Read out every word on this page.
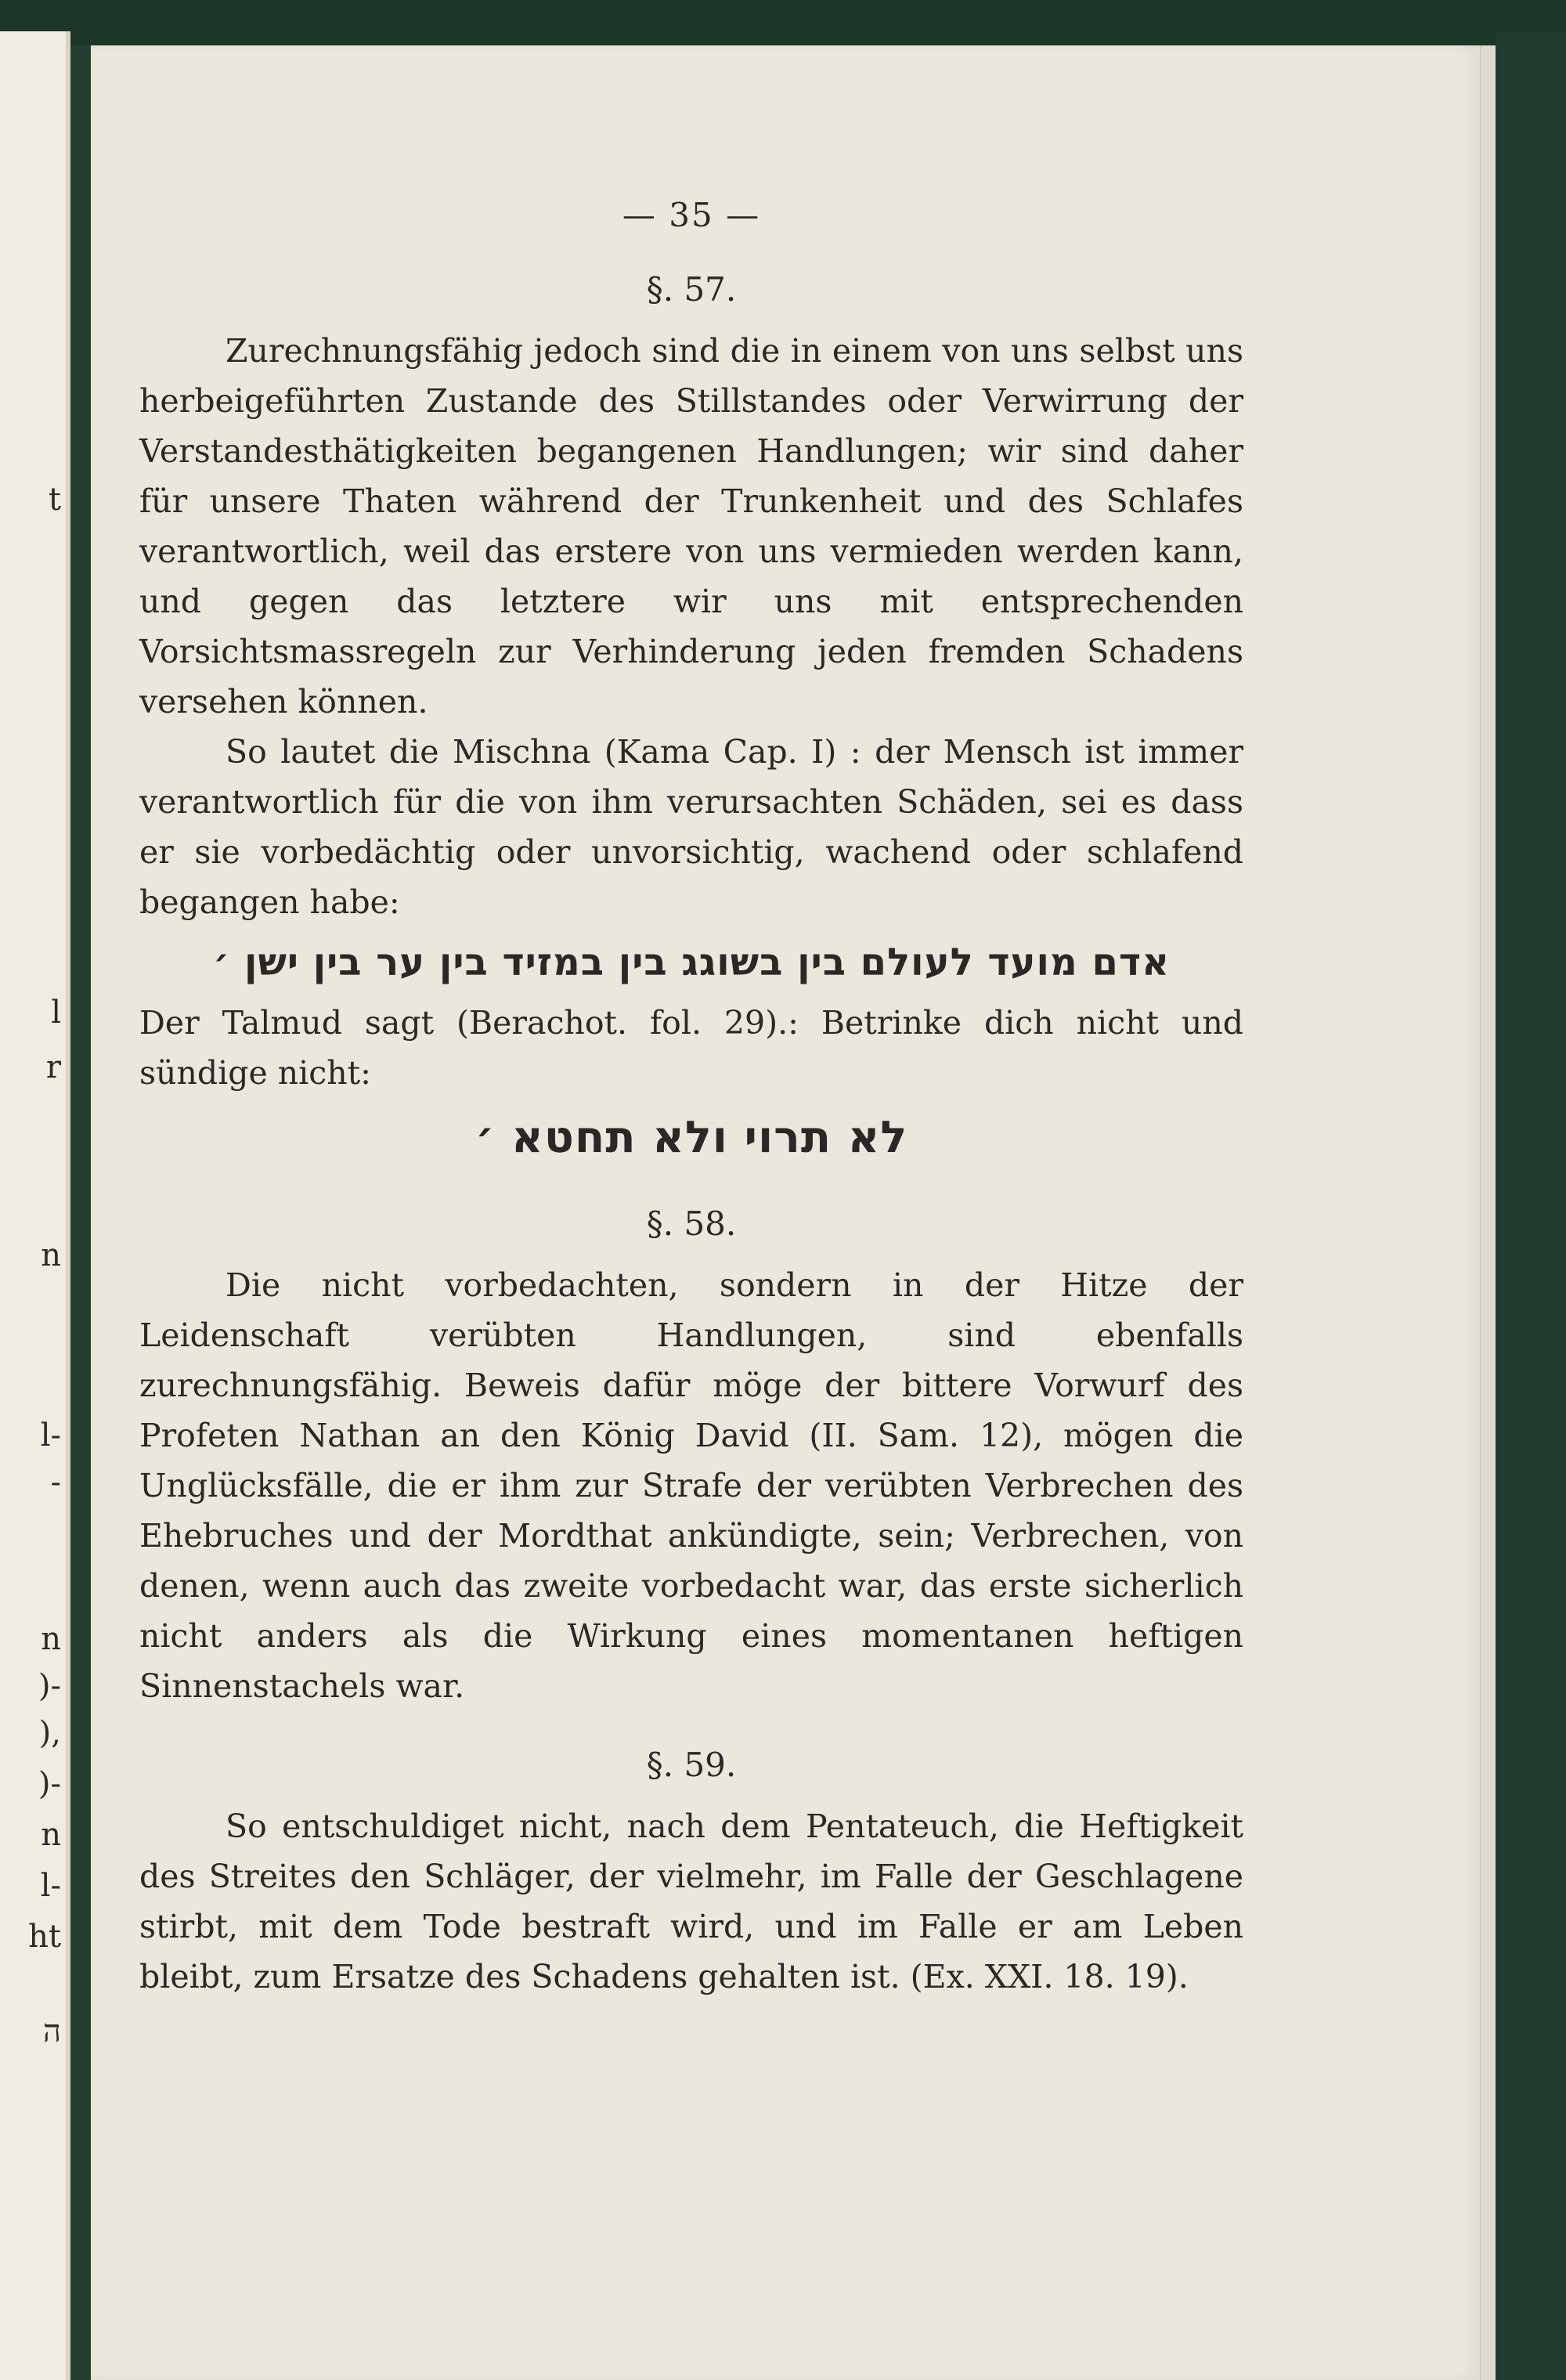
t
l
r
n
l-
-
n
)-
),
)-
n
l-
ht
ה
— 35 —
§. 57.

Zurechnungsfähig jedoch sind die in einem von uns selbst uns herbeigeführten Zustande des Stillstandes oder Verwirrung der Verstandesthätigkeiten begangenen Handlungen; wir sind daher für unsere Thaten während der Trunkenheit und des Schlafes verantwortlich, weil das erstere von uns vermieden werden kann, und gegen das letztere wir uns mit entsprechenden Vorsichtsmassregeln zur Verhinderung jeden fremden Schadens versehen können.

So lautet die Mischna (Kama Cap. I) : der Mensch ist immer verantwortlich für die von ihm verursachten Schäden, sei es dass er sie vorbedächtig oder unvorsichtig, wachend oder schlafend begangen habe:

אדם מועד לעולם בין בשוגג בין במזיד בין ער בין ישן ׳

Der Talmud sagt (Berachot. fol. 29).: Betrinke dich nicht und sündige nicht:

לא תרוי ולא תחטא ׳
§. 58.

Die nicht vorbedachten, sondern in der Hitze der Leidenschaft verübten Handlungen, sind ebenfalls zurechnungsfähig. Beweis dafür möge der bittere Vorwurf des Profeten Nathan an den König David (II. Sam. 12), mögen die Unglücksfälle, die er ihm zur Strafe der verübten Verbrechen des Ehebruches und der Mordthat ankündigte, sein; Verbrechen, von denen, wenn auch das zweite vorbedacht war, das erste sicherlich nicht anders als die Wirkung eines momentanen heftigen Sinnenstachels war.

§. 59.

So entschuldiget nicht, nach dem Pentateuch, die Heftigkeit des Streites den Schläger, der vielmehr, im Falle der Geschlagene stirbt, mit dem Tode bestraft wird, und im Falle er am Leben bleibt, zum Ersatze des Schadens gehalten ist. (Ex. XXI. 18. 19).
